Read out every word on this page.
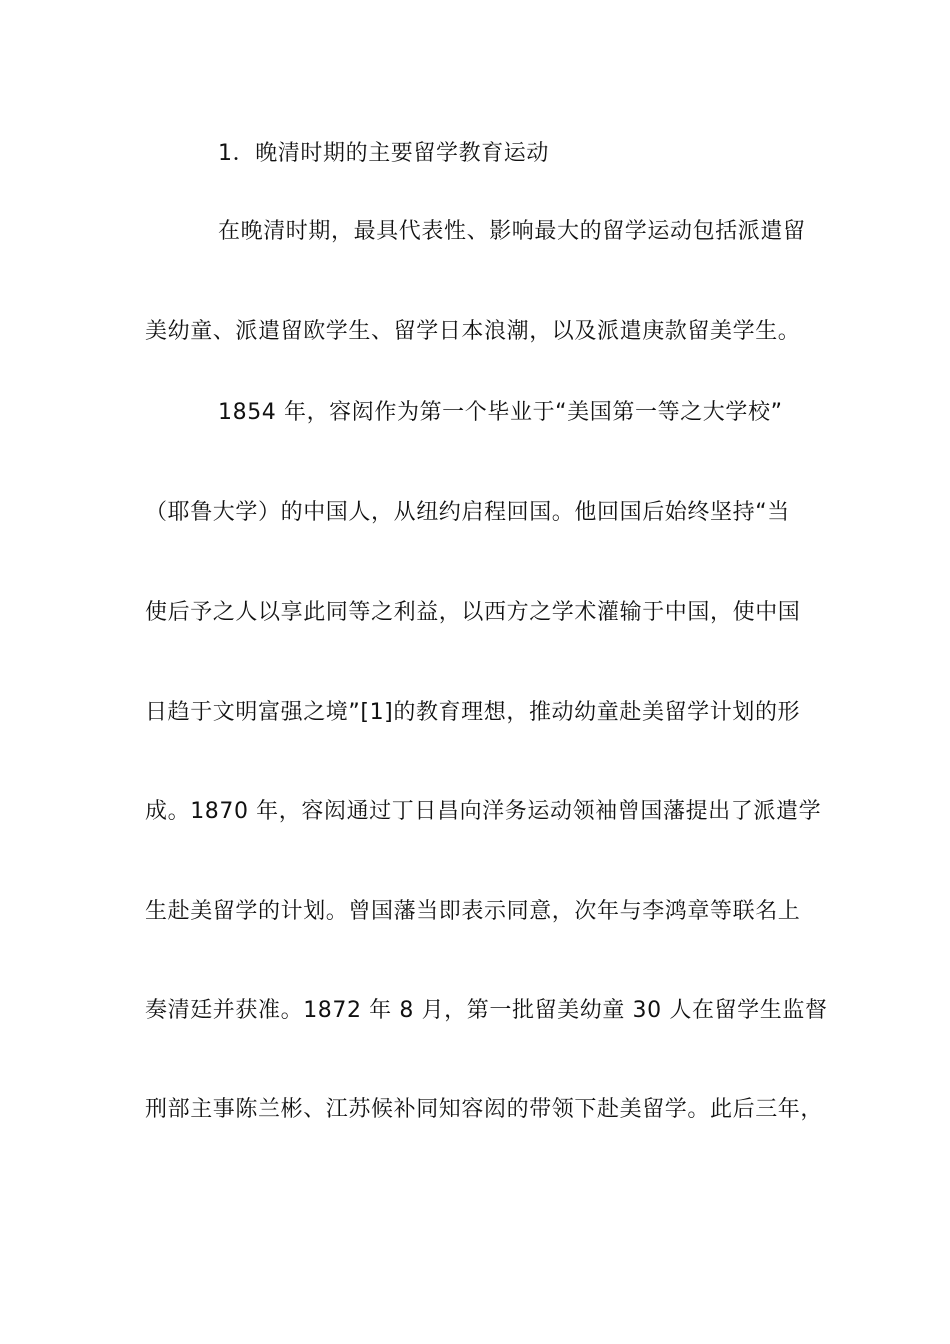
1．晚清时期的主要留学教育运动
在晚清时期，最具代表性、影响最大的留学运动包括派遣留
美幼童、派遣留欧学生、留学日本浪潮，以及派遣庚款留美学生。
1854 年，容闳作为第一个毕业于“美国第一等之大学校”
（耶鲁大学）的中国人，从纽约启程回国。他回国后始终坚持“当
使后予之人以享此同等之利益，以西方之学术灌输于中国，使中国
日趋于文明富强之境”[1]的教育理想，推动幼童赴美留学计划的形
成。1870 年，容闳通过丁日昌向洋务运动领袖曾国藩提出了派遣学
生赴美留学的计划。曾国藩当即表示同意，次年与李鸿章等联名上
奏清廷并获准。1872 年 8 月，第一批留美幼童 30 人在留学生监督
刑部主事陈兰彬、江苏候补同知容闳的带领下赴美留学。此后三年，
